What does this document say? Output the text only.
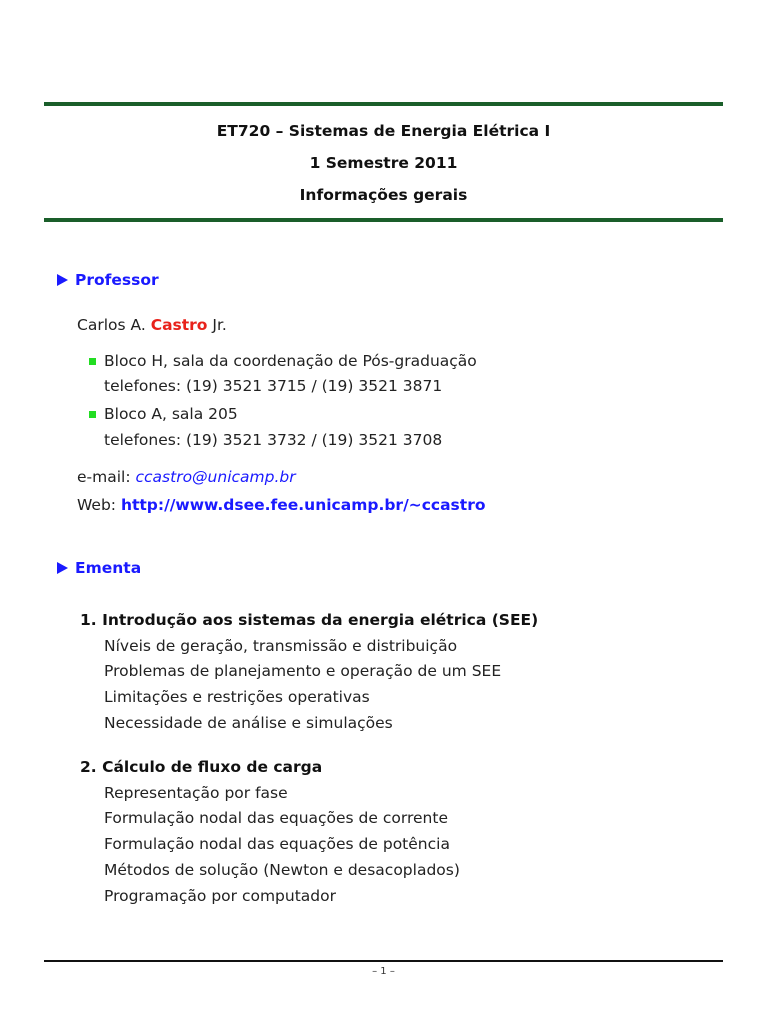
ET720 – Sistemas de Energia Elétrica I
1 Semestre 2011
Informações gerais
Professor
Carlos A. Castro Jr.
Bloco H, sala da coordenação de Pós-graduação
telefones: (19) 3521 3715 / (19) 3521 3871
Bloco A, sala 205
telefones: (19) 3521 3732 / (19) 3521 3708
e-mail: ccastro@unicamp.br
Web: http://www.dsee.fee.unicamp.br/∼ccastro
Ementa
1. Introdução aos sistemas da energia elétrica (SEE)
Níveis de geração, transmissão e distribuição
Problemas de planejamento e operação de um SEE
Limitações e restrições operativas
Necessidade de análise e simulações
2. Cálculo de fluxo de carga
Representação por fase
Formulação nodal das equações de corrente
Formulação nodal das equações de potência
Métodos de solução (Newton e desacoplados)
Programação por computador
– 1 –
